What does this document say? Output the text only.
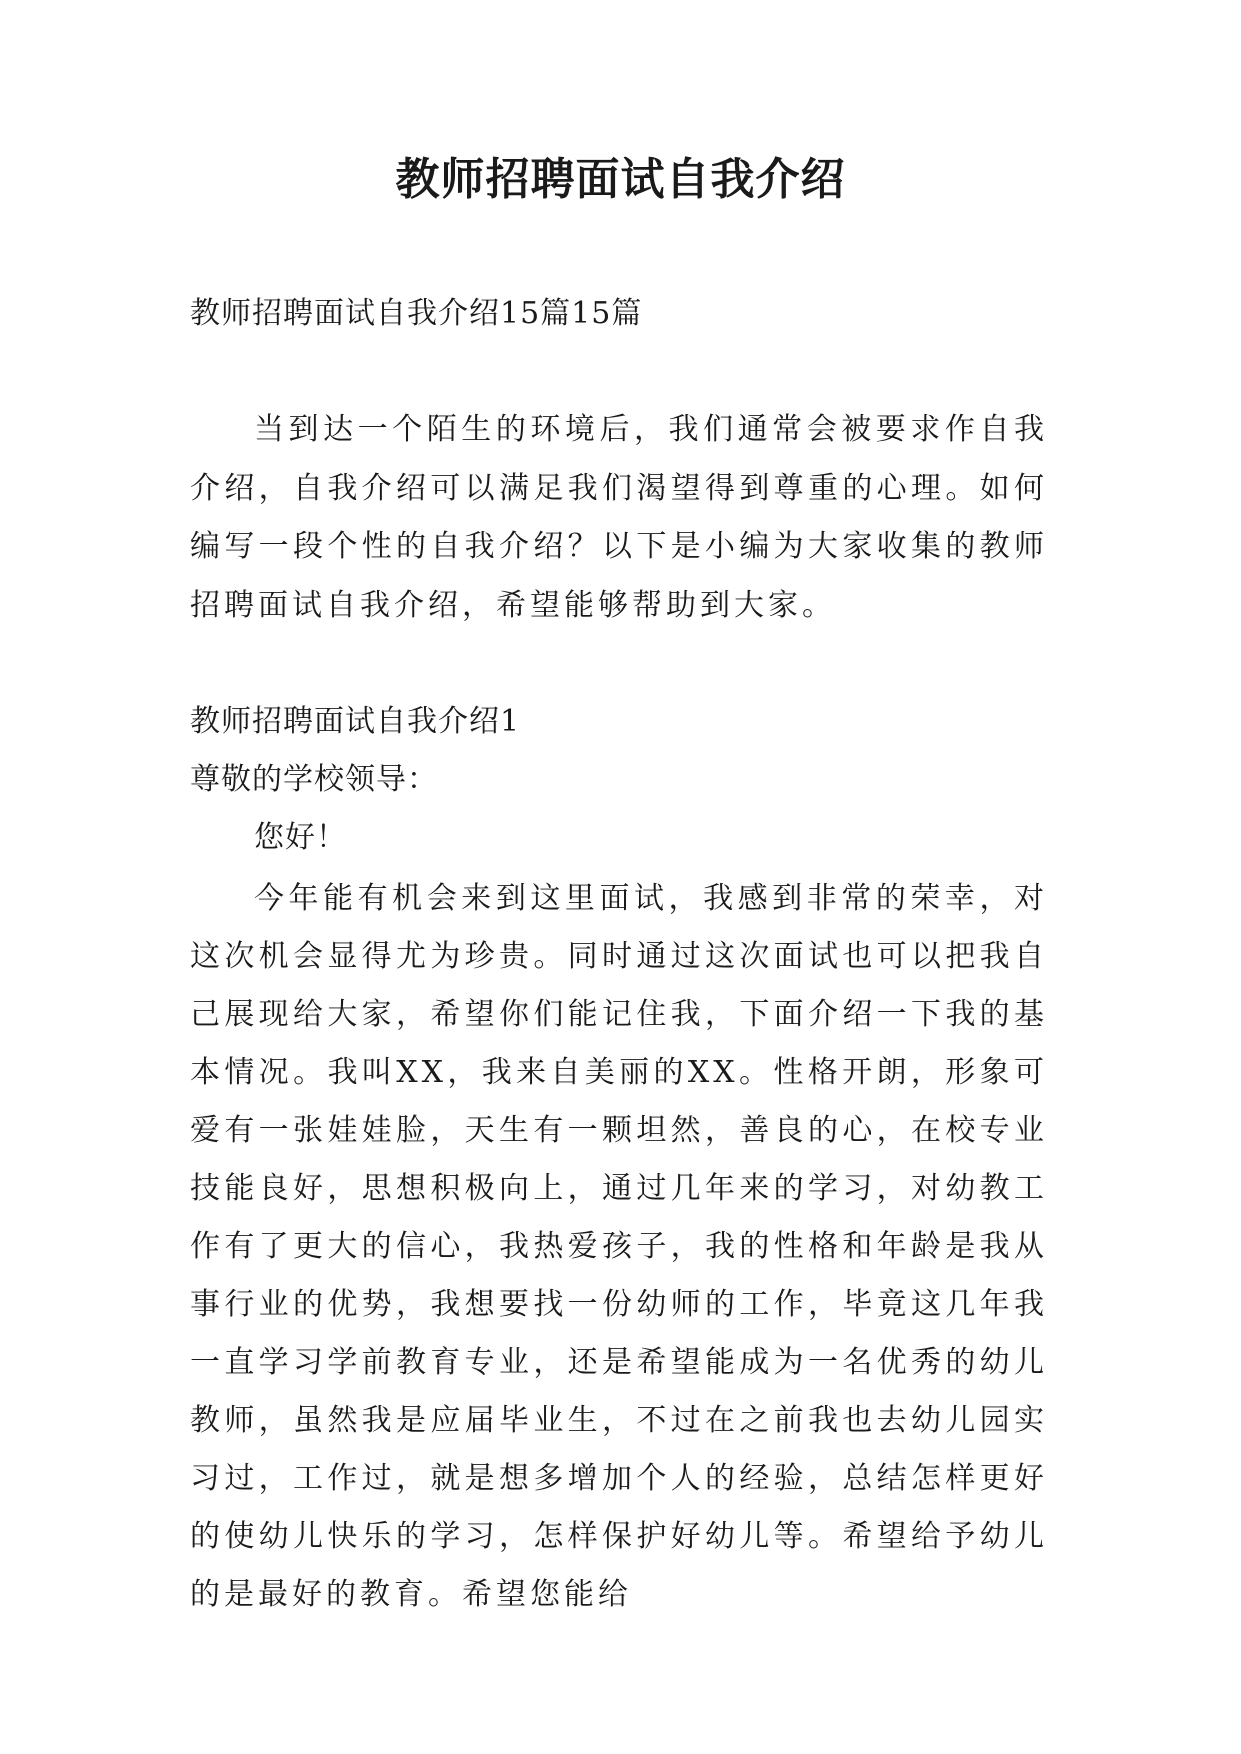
教师招聘面试自我介绍
教师招聘面试自我介绍15篇15篇

当到达一个陌生的环境后，我们通常会被要求作自我介绍，自我介绍可以满足我们渴望得到尊重的心理。如何编写一段个性的自我介绍？以下是小编为大家收集的教师招聘面试自我介绍，希望能够帮助到大家。

教师招聘面试自我介绍1
尊敬的学校领导：
您好！

今年能有机会来到这里面试，我感到非常的荣幸，对这次机会显得尤为珍贵。同时通过这次面试也可以把我自己展现给大家，希望你们能记住我，下面介绍一下我的基本情况。我叫XX，我来自美丽的XX。性格开朗，形象可爱有一张娃娃脸，天生有一颗坦然，善良的心，在校专业技能良好，思想积极向上，通过几年来的学习，对幼教工作有了更大的信心，我热爱孩子，我的性格和年龄是我从事行业的优势，我想要找一份幼师的工作，毕竟这几年我一直学习学前教育专业，还是希望能成为一名优秀的幼儿教师，虽然我是应届毕业生，不过在之前我也去幼儿园实习过，工作过，就是想多增加个人的经验，总结怎样更好的使幼儿快乐的学习，怎样保护好幼儿等。希望给予幼儿的是最好的教育。希望您能给
